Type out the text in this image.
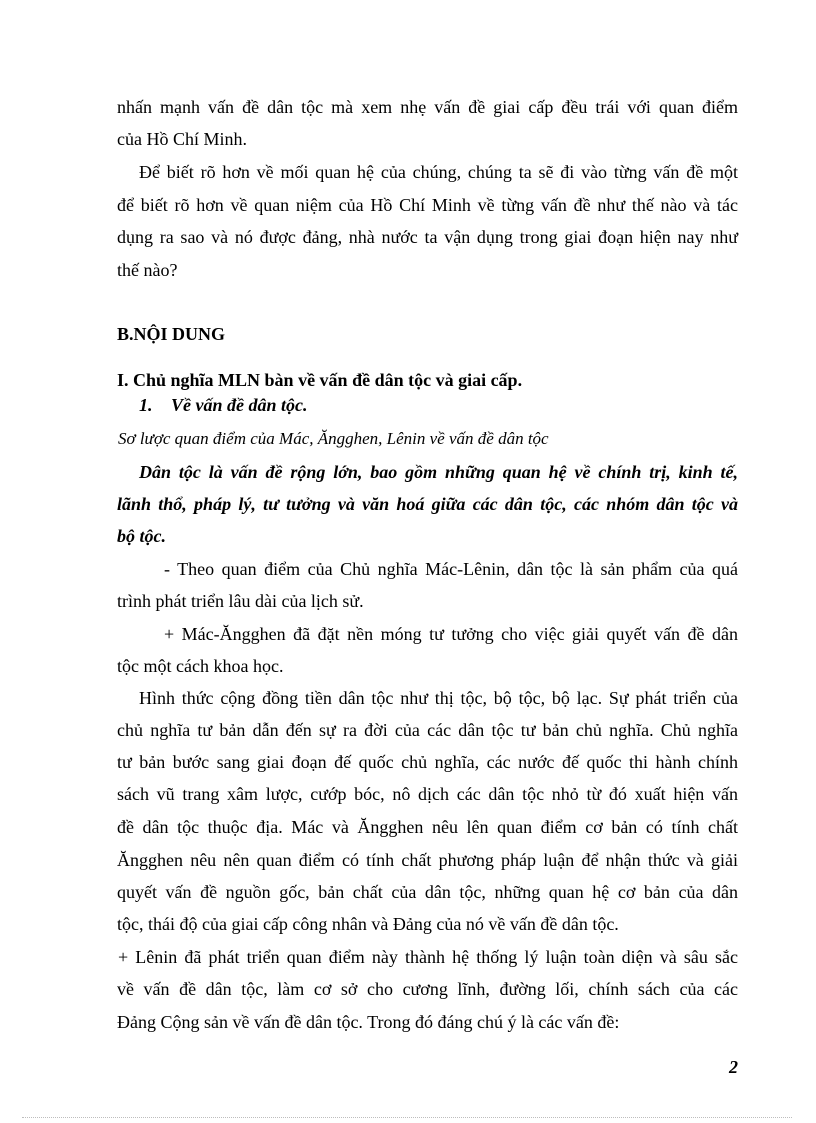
nhấn mạnh vấn đề dân tộc mà xem nhẹ vấn đề giai cấp đều trái với quan điểm

của Hồ Chí Minh.

Để biết rõ hơn về mối quan hệ của chúng, chúng ta sẽ đi vào từng vấn đề một

để biết rõ hơn về quan niệm của Hồ Chí Minh về từng vấn đề như thế nào và tác

dụng ra sao và nó được đảng, nhà nước ta vận dụng trong giai đoạn hiện nay như

thế nào?

B.NỘI DUNG

I. Chủ nghĩa MLN bàn về vấn đề dân tộc và giai cấp.

1. Về vấn đề dân tộc.

Sơ lược quan điểm của Mác, Ăngghen, Lênin về vấn đề dân tộc

Dân tộc là vấn đề rộng lớn, bao gồm những quan hệ về chính trị, kinh tế,

lãnh thổ, pháp lý, tư tưởng và văn hoá giữa các dân tộc, các nhóm dân tộc và

bộ tộc.

- Theo quan điểm của Chủ nghĩa Mác-Lênin, dân tộc là sản phẩm của quá

trình phát triển lâu dài của lịch sử.

+ Mác-Ăngghen đã đặt nền móng tư tưởng cho việc giải quyết vấn đề dân

tộc một cách khoa học.

Hình thức cộng đồng tiền dân tộc như thị tộc, bộ tộc, bộ lạc. Sự phát triển của

chủ nghĩa tư bản dẫn đến sự ra đời của các dân tộc tư bản chủ nghĩa. Chủ nghĩa

tư bản bước sang giai đoạn đế quốc chủ nghĩa, các nước đế quốc thi hành chính

sách vũ trang xâm lược, cướp bóc, nô dịch các dân tộc nhỏ từ đó xuất hiện vấn

đề dân tộc thuộc địa. Mác và Ăngghen nêu lên quan điểm cơ bản có tính chất

Ăngghen nêu nên quan điểm có tính chất phương pháp luận để nhận thức và giải

quyết vấn đề nguồn gốc, bản chất của dân tộc, những quan hệ cơ bản của dân

tộc, thái độ của giai cấp công nhân và Đảng của nó về vấn đề dân tộc.

+ Lênin đã phát triển quan điểm này thành hệ thống lý luận toàn diện và sâu sắc

về vấn đề dân tộc, làm cơ sở cho cương lĩnh, đường lối, chính sách của các

Đảng Cộng sản về vấn đề dân tộc. Trong đó đáng chú ý là các vấn đề:

2
